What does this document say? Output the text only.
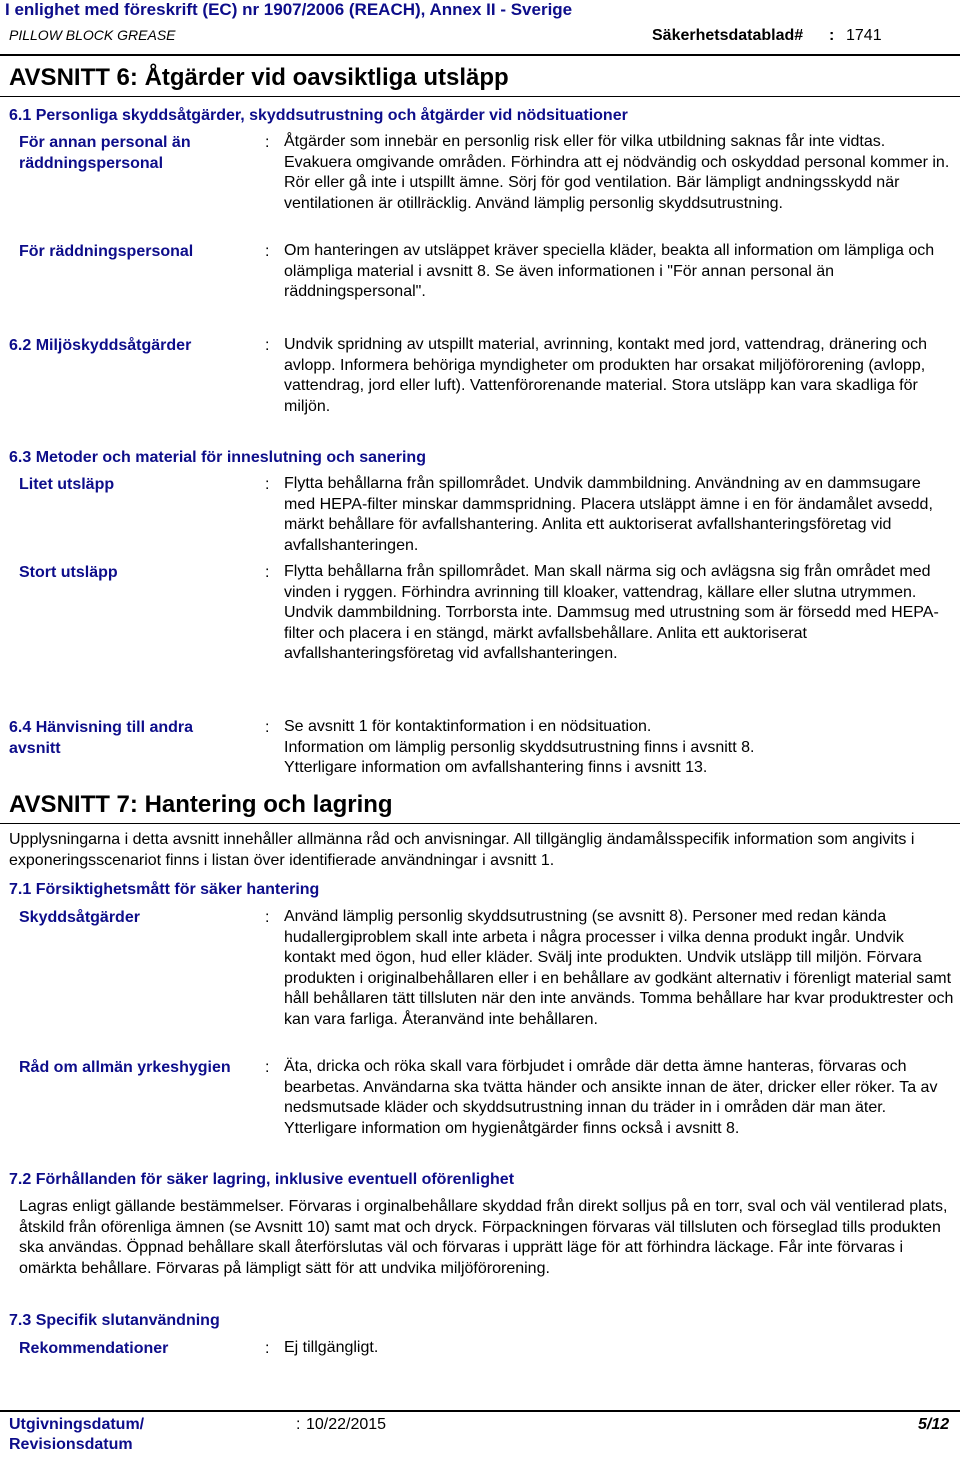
I enlighet med föreskrift (EC) nr 1907/2006 (REACH), Annex II - Sverige
PILLOW BLOCK GREASE	Säkerhetsdatablad# : 1741
AVSNITT 6: Åtgärder vid oavsiktliga utsläpp
6.1 Personliga skyddsåtgärder, skyddsutrustning och åtgärder vid nödsituationer
För annan personal än räddningspersonal
: Åtgärder som innebär en personlig risk eller för vilka utbildning saknas får inte vidtas. Evakuera omgivande områden. Förhindra att ej nödvändig och oskyddad personal kommer in. Rör eller gå inte i utspillt ämne. Sörj för god ventilation. Bär lämpligt andningsskydd när ventilationen är otillräcklig. Använd lämplig personlig skyddsutrustning.
För räddningspersonal	: Om hanteringen av utsläppet kräver speciella kläder, beakta all information om lämpliga och olämpliga material i avsnitt 8. Se även informationen i "För annan personal än räddningspersonal".
6.2 Miljöskyddsåtgärder	: Undvik spridning av utspillt material, avrinning, kontakt med jord, vattendrag, dränering och avlopp. Informera behöriga myndigheter om produkten har orsakat miljöförorening (avlopp, vattendrag, jord eller luft). Vattenförorenande material. Stora utsläpp kan vara skadliga för miljön.
6.3 Metoder och material för inneslutning och sanering
Litet utsläpp	: Flytta behållarna från spillområdet. Undvik dammbildning. Användning av en dammsugare med HEPA-filter minskar dammspridning. Placera utsläppt ämne i en för ändamålet avsedd, märkt behållare för avfallshantering. Anlita ett auktoriserat avfallshanteringsföretag vid avfallshanteringen.
Stort utsläpp	: Flytta behållarna från spillområdet. Man skall närma sig och avlägsna sig från området med vinden i ryggen. Förhindra avrinning till kloaker, vattendrag, källare eller slutna utrymmen. Undvik dammbildning. Torrborsta inte. Dammsug med utrustning som är försedd med HEPA-filter och placera i en stängd, märkt avfallsbehållare. Anlita ett auktoriserat avfallshanteringsföretag vid avfallshanteringen.
6.4 Hänvisning till andra avsnitt
: Se avsnitt 1 för kontaktinformation i en nödsituation.
Information om lämplig personlig skyddsutrustning finns i avsnitt 8.
Ytterligare information om avfallshantering finns i avsnitt 13.
AVSNITT 7: Hantering och lagring
Upplysningarna i detta avsnitt innehåller allmänna råd och anvisningar. All tillgänglig ändamålsspecifik information som angivits i exponeringsscenariot finns i listan över identifierade användningar i avsnitt 1.
7.1 Försiktighetsmått för säker hantering
Skyddsåtgärder	: Använd lämplig personlig skyddsutrustning (se avsnitt 8). Personer med redan kända hudallergiproblem skall inte arbeta i några processer i vilka denna produkt ingår. Undvik kontakt med ögon, hud eller kläder. Svälj inte produkten. Undvik utsläpp till miljön. Förvara produkten i originalbehållaren eller i en behållare av godkänt alternativ i förenligt material samt håll behållaren tätt tillsluten när den inte används. Tomma behållare har kvar produktrester och kan vara farliga. Återanvänd inte behållaren.
Råd om allmän yrkeshygien	: Äta, dricka och röka skall vara förbjudet i område där detta ämne hanteras, förvaras och bearbetas. Användarna ska tvätta händer och ansikte innan de äter, dricker eller röker. Ta av nedsmutsade kläder och skyddsutrustning innan du träder in i områden där man äter. Ytterligare information om hygienåtgärder finns också i avsnitt 8.
7.2 Förhållanden för säker lagring, inklusive eventuell oförenlighet
Lagras enligt gällande bestämmelser. Förvaras i orginalbehållare skyddad från direkt solljus på en torr, sval och väl ventilerad plats, åtskild från oförenliga ämnen (se Avsnitt 10) samt mat och dryck. Förpackningen förvaras väl tillsluten och förseglad tills produkten ska användas. Öppnad behållare skall återförslutas väl och förvaras i upprätt läge för att förhindra läckage. Får inte förvaras i omärkta behållare. Förvaras på lämpligt sätt för att undvika miljöförorening.
7.3 Specifik slutanvändning
Rekommendationer	: Ej tillgängligt.
Utgivningsdatum/ Revisionsdatum
: 10/22/2015	5/12
